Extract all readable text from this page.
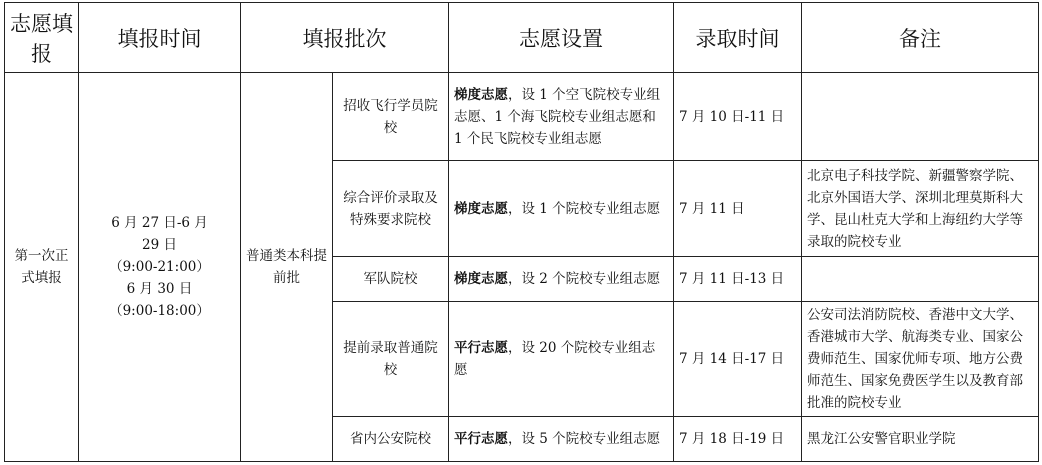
志愿填报	填报时间	填报批次		志愿设置	录取时间	备注
第一次正式填报	6 月 27 日-6 月
29 日
（9:00-21:00）
6 月 30 日
（9:00-18:00）	普通类本科提前批	招收飞行学员院校	梯度志愿，设 1 个空飞院校专业组志愿、1 个海飞院校专业组志愿和 1 个民飞院校专业组志愿	7 月 10 日-11 日	
			综合评价录取及特殊要求院校	梯度志愿，设 1 个院校专业组志愿	7 月 11 日	北京电子科技学院、新疆警察学院、北京外国语大学、深圳北理莫斯科大学、昆山杜克大学和上海纽约大学等录取的院校专业
			军队院校	梯度志愿，设 2 个院校专业组志愿	7 月 11 日-13 日	
			提前录取普通院校	平行志愿，设 20 个院校专业组志愿	7 月 14 日-17 日	公安司法消防院校、香港中文大学、香港城市大学、航海类专业、国家公费师范生、国家优师专项、地方公费师范生、国家免费医学生以及教育部批准的院校专业
			省内公安院校	平行志愿，设 5 个院校专业组志愿	7 月 18 日-19 日	黑龙江公安警官职业学院
